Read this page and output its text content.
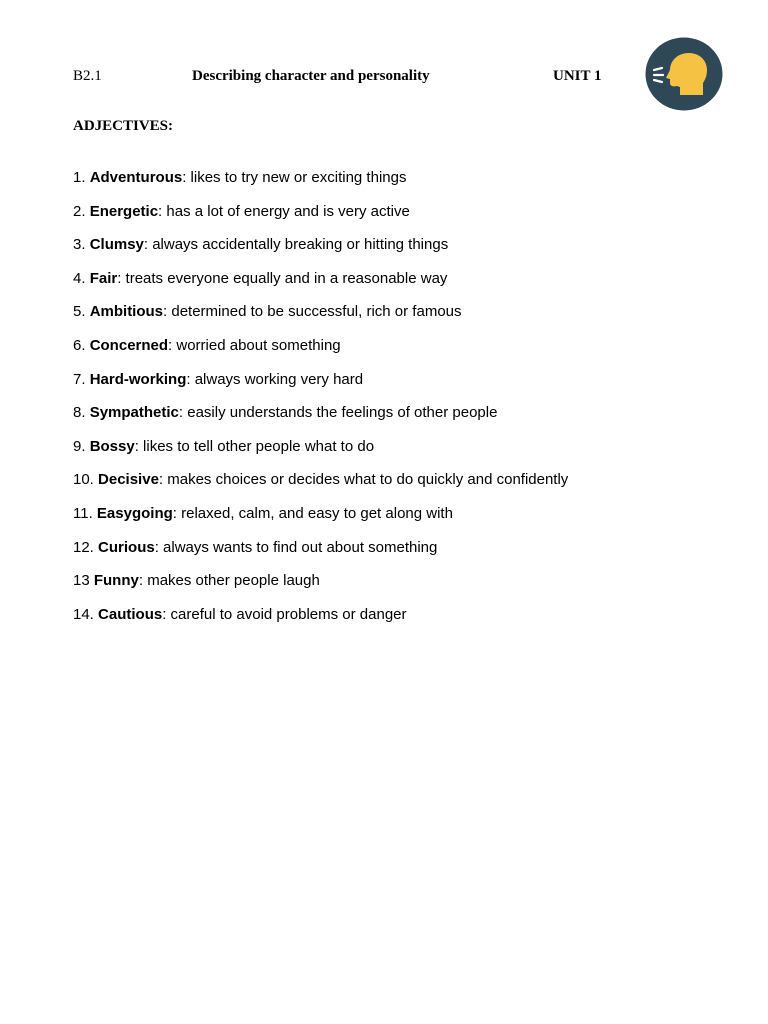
B2.1	Describing character and personality	UNIT 1
ADJECTIVES:
1. Adventurous: likes to try new or exciting things
2. Energetic: has a lot of energy and is very active
3. Clumsy: always accidentally breaking or hitting things
4. Fair: treats everyone equally and in a reasonable way
5. Ambitious: determined to be successful, rich or famous
6. Concerned: worried about something
7. Hard-working: always working very hard
8. Sympathetic: easily understands the feelings of other people
9. Bossy: likes to tell other people what to do
10. Decisive: makes choices or decides what to do quickly and confidently
11. Easygoing: relaxed, calm, and easy to get along with
12. Curious: always wants to find out about something
13 Funny: makes other people laugh
14. Cautious: careful to avoid problems or danger
